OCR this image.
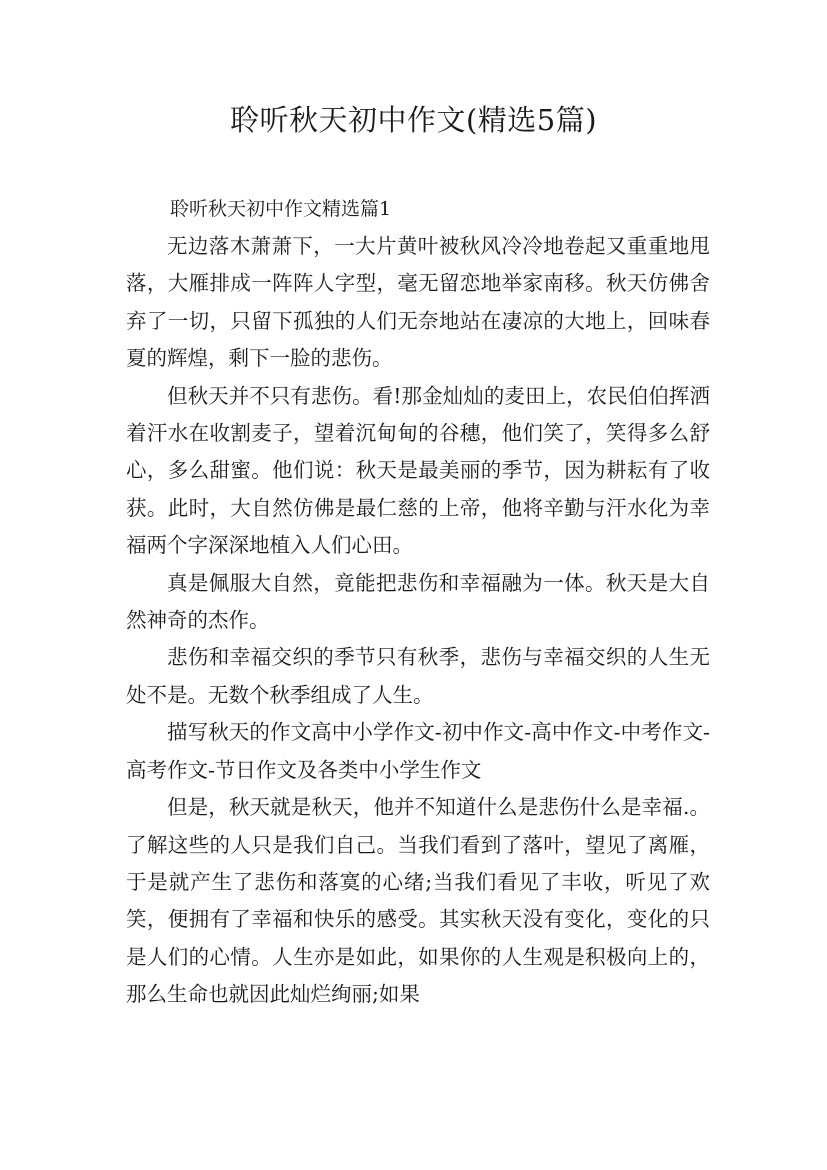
聆听秋天初中作文(精选5篇)

聆听秋天初中作文精选篇1

无边落木萧萧下，一大片黄叶被秋风冷冷地卷起又重重地甩落，大雁排成一阵阵人字型，毫无留恋地举家南移。秋天仿佛舍弃了一切，只留下孤独的人们无奈地站在凄凉的大地上，回味春夏的辉煌，剩下一脸的悲伤。

但秋天并不只有悲伤。看!那金灿灿的麦田上，农民伯伯挥洒着汗水在收割麦子，望着沉甸甸的谷穗，他们笑了，笑得多么舒心，多么甜蜜。他们说：秋天是最美丽的季节，因为耕耘有了收获。此时，大自然仿佛是最仁慈的上帝，他将辛勤与汗水化为幸福两个字深深地植入人们心田。

真是佩服大自然，竟能把悲伤和幸福融为一体。秋天是大自然神奇的杰作。

悲伤和幸福交织的季节只有秋季，悲伤与幸福交织的人生无处不是。无数个秋季组成了人生。

描写秋天的作文高中小学作文-初中作文-高中作文-中考作文-高考作文-节日作文及各类中小学生作文

但是，秋天就是秋天，他并不知道什么是悲伤什么是幸福.。了解这些的人只是我们自己。当我们看到了落叶，望见了离雁，于是就产生了悲伤和落寞的心绪;当我们看见了丰收，听见了欢笑，便拥有了幸福和快乐的感受。其实秋天没有变化，变化的只是人们的心情。人生亦是如此，如果你的人生观是积极向上的，那么生命也就因此灿烂绚丽;如果
